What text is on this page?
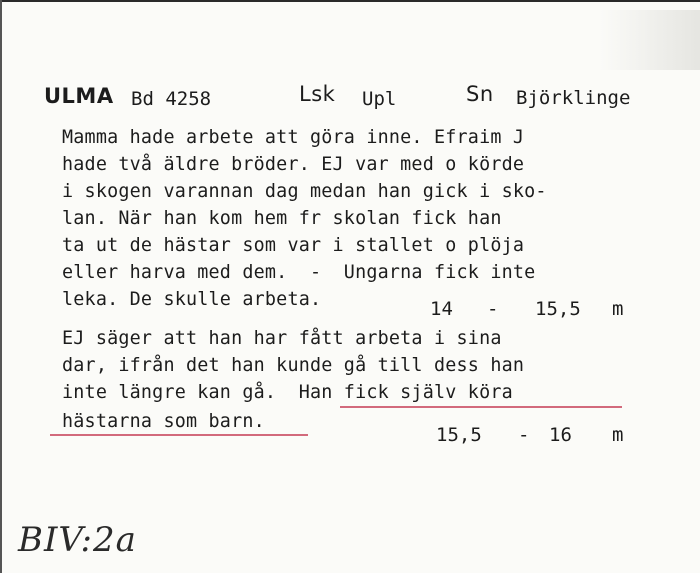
ULMA Bd 4258	Lsk Upl	Sn Björklinge
Mamma hade arbete att göra inne. Efraim J
hade två äldre bröder. EJ var med o körde
i skogen varannan dag medan han gick i sko-
lan. När han kom hem fr skolan fick han
ta ut de hästar som var i stallet o plöja
eller harva med dem.  -  Ungarna fick inte
leka. De skulle arbeta.
EJ säger att han har fått arbeta i sina
dar, ifrån det han kunde gå till dess han
inte längre kan gå.  Han fick själv köra
hästarna som barn.
14 - 15,5 m
15,5 - 16 m
BIV:2a
